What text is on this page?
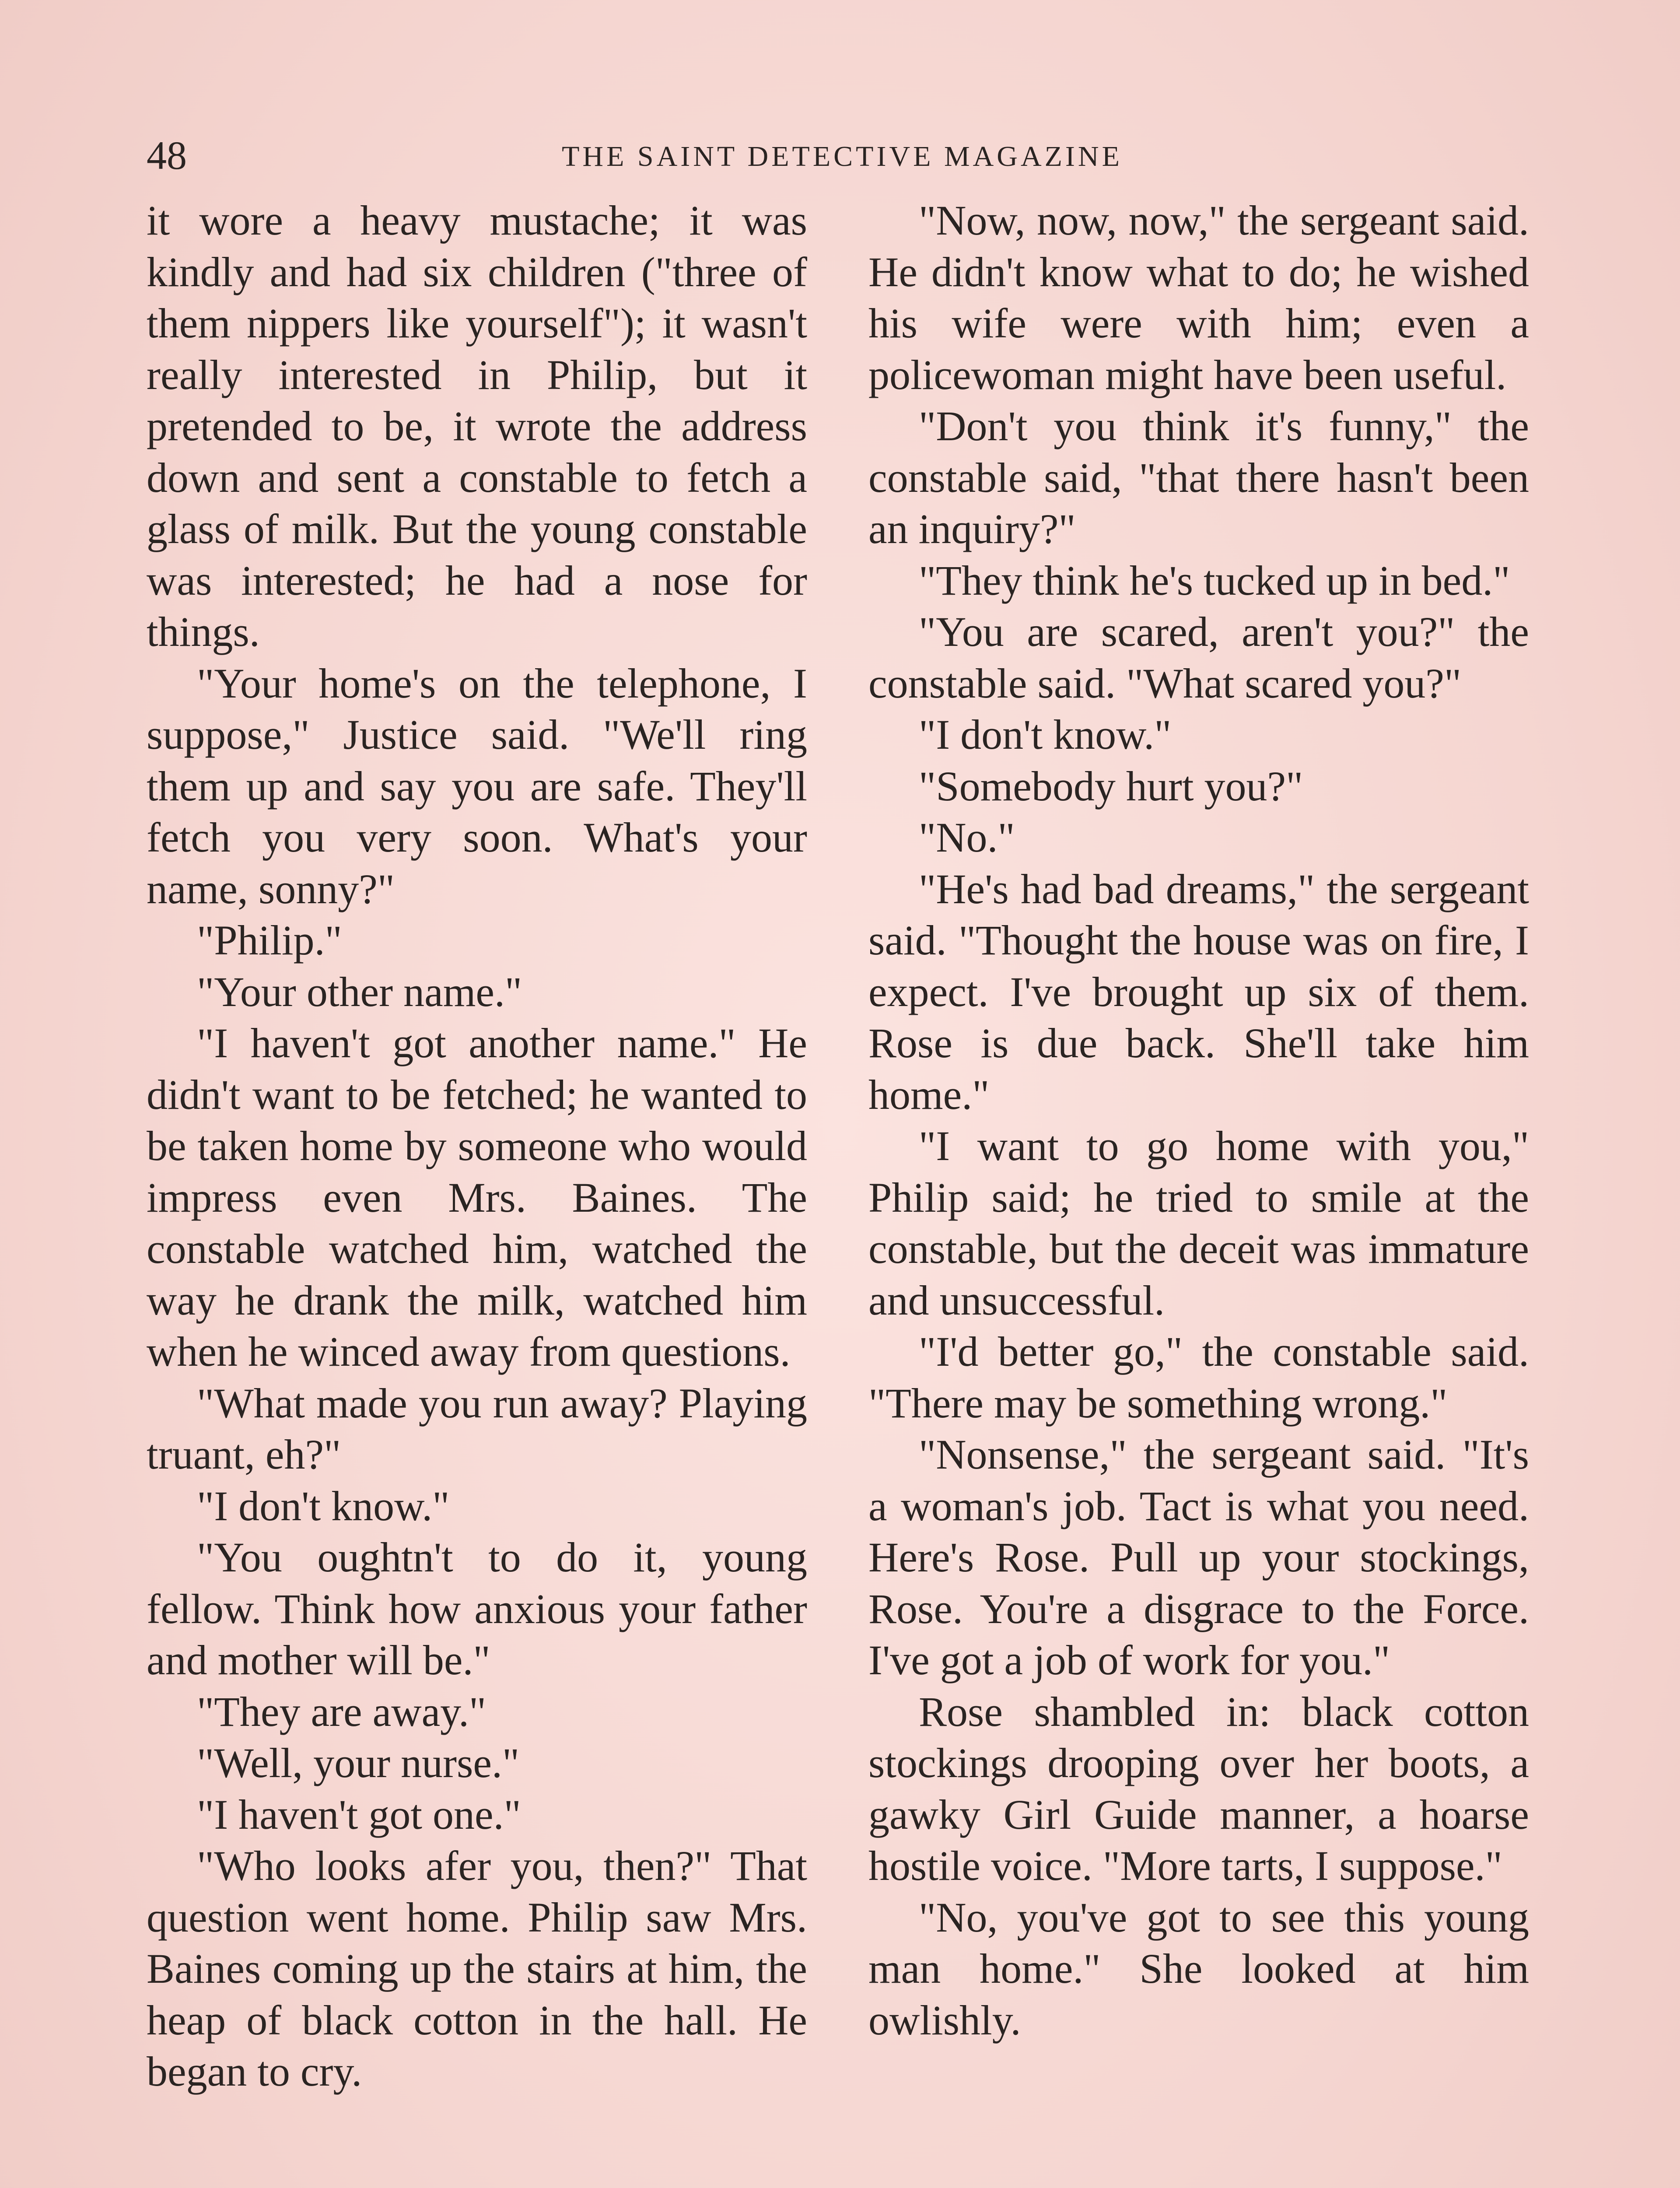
48	THE SAINT DETECTIVE MAGAZINE

it wore a heavy mustache; it was kindly and had six children ("three of them nippers like yourself"); it wasn't really interested in Philip, but it pretended to be, it wrote the address down and sent a constable to fetch a glass of milk. But the young constable was interested; he had a nose for things.

"Your home's on the telephone, I suppose," Justice said. "We'll ring them up and say you are safe. They'll fetch you very soon. What's your name, sonny?"

"Philip."

"Your other name."

"I haven't got another name." He didn't want to be fetched; he wanted to be taken home by someone who would impress even Mrs. Baines. The constable watched him, watched the way he drank the milk, watched him when he winced away from questions.

"What made you run away? Playing truant, eh?"

"I don't know."

"You oughtn't to do it, young fellow. Think how anxious your father and mother will be."

"They are away."

"Well, your nurse."

"I haven't got one."

"Who looks afer you, then?" That question went home. Philip saw Mrs. Baines coming up the stairs at him, the heap of black cotton in the hall. He began to cry.

"Now, now, now," the sergeant said. He didn't know what to do; he wished his wife were with him; even a policewoman might have been useful.

"Don't you think it's funny," the constable said, "that there hasn't been an inquiry?"

"They think he's tucked up in bed."

"You are scared, aren't you?" the constable said. "What scared you?"

"I don't know."

"Somebody hurt you?"

"No."

"He's had bad dreams," the sergeant said. "Thought the house was on fire, I expect. I've brought up six of them. Rose is due back. She'll take him home."

"I want to go home with you," Philip said; he tried to smile at the constable, but the deceit was immature and unsuccessful.

"I'd better go," the constable said. "There may be something wrong."

"Nonsense," the sergeant said. "It's a woman's job. Tact is what you need. Here's Rose. Pull up your stockings, Rose. You're a disgrace to the Force. I've got a job of work for you."

Rose shambled in: black cotton stockings drooping over her boots, a gawky Girl Guide manner, a hoarse hostile voice. "More tarts, I suppose."

"No, you've got to see this young man home." She looked at him owlishly.
